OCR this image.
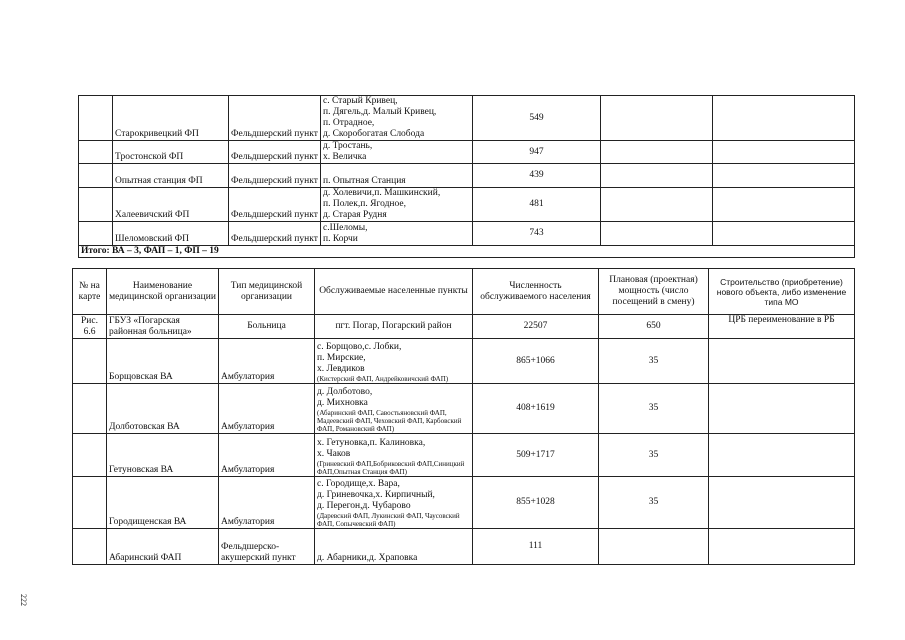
	Старокривецкий ФП	Фельдшерский пункт	с. Старый Кривец,
п. Дягель,д. Малый Кривец,
п. Отрадное,
д. Скоробогатая Слобода	549		
	Тростонской ФП	Фельдшерский пункт	д. Тростань,
х. Величка	947		
	Опытная станция ФП	Фельдшерский пункт	п. Опытная Станция	439		
	Халеевичский ФП	Фельдшерский пункт	д. Холевичи,п. Машкинский,
п. Полек,п. Ягодное,
д. Старая Рудня	481		
	Шеломовский ФП	Фельдшерский пункт	с.Шеломы,
п. Корчи	743		
Итого: ВА – 3, ФАП – 1, ФП – 19						
№ на карте	Наименование медицинской организации	Тип медицинской организации	Обслуживаемые населенные пункты	Численность обслуживаемого населения	Плановая (проектная) мощность (число посещений в смену)	Строительство (приобретение) нового объекта, либо изменение типа МО
Рис. 6.6	ГБУЗ «Погарская районная больница»	Больница	пгт. Погар, Погарский район	22507	650	ЦРБ переименование в РБ
	Борщовская ВА	Амбулатория	с. Борщово,с. Лобки,
п. Мирские,
х. Левдиков
(Кистерский ФАП, Андрейковичский ФАП)	865+1066	35	
	Долботовская ВА	Амбулатория	д. Долботово,
д. Михновка
(Абаринский ФАП, Савостьяновский ФАП, Мадеевский ФАП, Чеховский ФАП, Карбовский ФАП, Романовский ФАП)	408+1619	35	
	Гетуновская ВА	Амбулатория	х. Гетуновка,п. Калиновка,
х. Чаков
(Гриневский ФАП,Бобриковский ФАП,Синицкий ФАП,Опытная Станция ФАП)	509+1717	35	
	Городищенская ВА	Амбулатория	с. Городище,х. Вара,
д. Гриневочка,х. Кирпичный,
д. Перегон,д. Чубарово
(Даревский ФАП, Лукинский ФАП, Чаусовский ФАП, Сопычевский ФАП)	855+1028	35	
	Абаринский ФАП	Фельдшерско-акушерский пункт	д. Абарники,д. Храповка	111		
222
